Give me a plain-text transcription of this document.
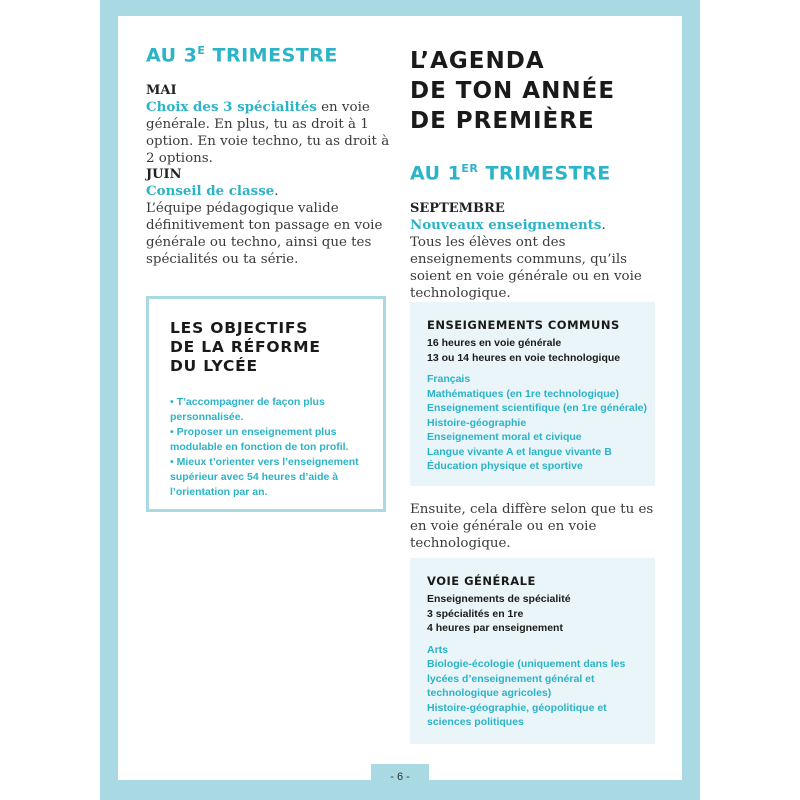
AU $3^E$ TRIMESTRE
MAI
Choix des 3 spécialités en voie générale. En plus, tu as droit à 1 option. En voie techno, tu as droit à 2 options.
JUIN
Conseil de classe.
L’équipe pédagogique valide définitivement ton passage en voie générale ou techno, ainsi que tes spécialités ou ta série.
LES OBJECTIFS
DE LA RÉFORME
DU LYCÉE
• T’accompagner de façon plus personnalisée.
• Proposer un enseignement plus modulable en fonction de ton profil.
• Mieux t’orienter vers l’enseignement supérieur avec 54 heures d’aide à l’orientation par an.
L’AGENDA
DE TON ANNÉE
DE PREMIÈRE
AU 1ER TRIMESTRE
SEPTEMBRE
Nouveaux enseignements.
Tous les élèves ont des enseignements communs, qu’ils soient en voie générale ou en voie technologique.
ENSEIGNEMENTS COMMUNS
16 heures en voie générale
13 ou 14 heures en voie technologique
Français
Mathématiques (en 1re technologique)
Enseignement scientifique (en 1re générale)
Histoire-géographie
Enseignement moral et civique
Langue vivante A et langue vivante B
Éducation physique et sportive
Ensuite, cela diffère selon que tu es en voie générale ou en voie technologique.
VOIE GÉNÉRALE
Enseignements de spécialité
3 spécialités en 1re
4 heures par enseignement
Arts
Biologie-écologie (uniquement dans les lycées d’enseignement général et technologique agricoles)
Histoire-géographie, géopolitique et sciences politiques
- 6 -
